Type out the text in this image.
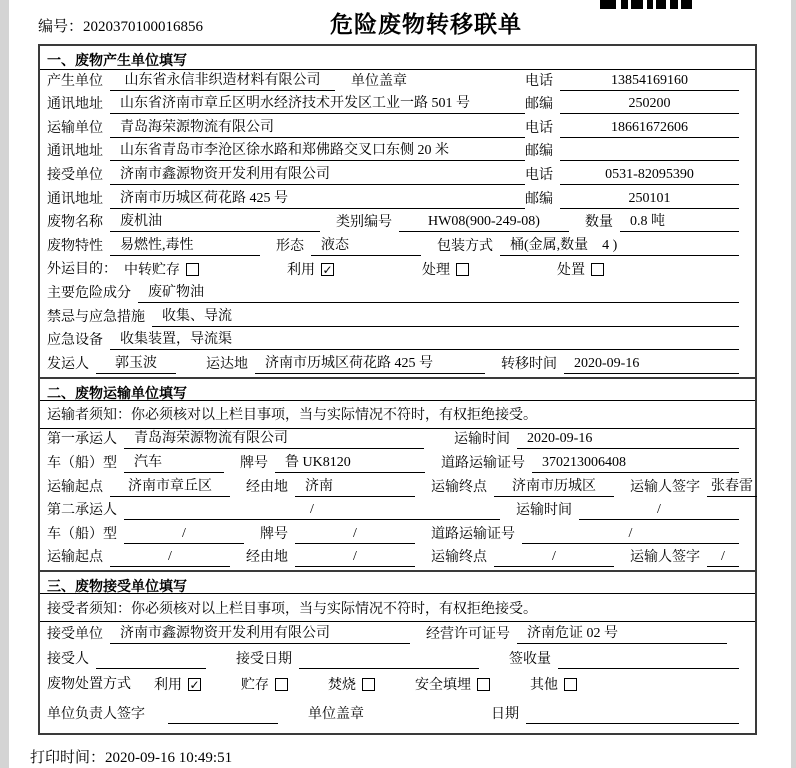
编号：2020370100016856	危险废物转移联单
一、废物产生单位填写
产生单位	山东省永信非织造材料有限公司	单位盖章	电话	13854169160
通讯地址	山东省济南市章丘区明水经济技术开发区工业一路 501 号	邮编	250200
运输单位	青岛海荣源物流有限公司	电话	18661672606
通讯地址	山东省青岛市李沧区徐水路和郑佛路交叉口东侧 20 米	邮编
接受单位	济南市鑫源物资开发利用有限公司	电话	0531-82095390
通讯地址	济南市历城区荷花路 425 号	邮编	250101
废物名称	废机油	类别编号	HW08(900-249-08)	数量	0.8 吨
废物特性	易燃性,毒性	形态	液态	包装方式	桶(金属,数量　4 )
外运目的： 中转贮存	利用 ✓	处理	处置
主要危险成分	废矿物油
禁忌与应急措施	收集、导流
应急设备	收集装置，导流渠
发运人	郭玉波	运达地	济南市历城区荷花路 425 号	转移时间	2020-09-16
二、废物运输单位填写
运输者须知：你必须核对以上栏目事项，当与实际情况不符时，有权拒绝接受。
第一承运人	青岛海荣源物流有限公司	运输时间	2020-09-16
车（船）型	汽车	牌号	鲁 UK8120	道路运输证号	370213006408
运输起点	济南市章丘区	经由地	济南	运输终点	济南市历城区	运输人签字 张春雷
第二承运人	/	运输时间	/
车（船）型	/	牌号	/	道路运输证号	/
运输起点	/	经由地	/	运输终点	/	运输人签字	/
三、废物接受单位填写
接受者须知：你必须核对以上栏目事项，当与实际情况不符时，有权拒绝接受。
接受单位	济南市鑫源物资开发利用有限公司	经营许可证号	济南危证 02 号
接受人	接受日期	签收量
废物处置方式	利用 ✓	贮存	焚烧	安全填埋	其他
单位负责人签字	单位盖章	日期
打印时间：2020-09-16 10:49:51
